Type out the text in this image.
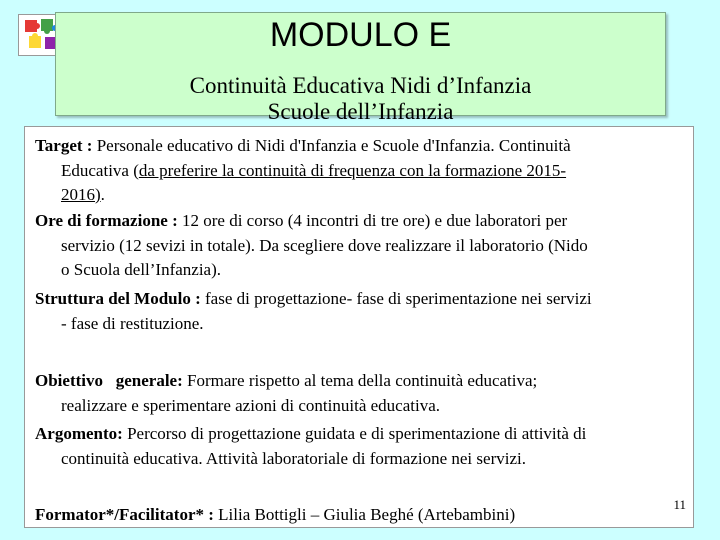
MODULO E
Continuità Educativa Nidi d’Infanzia
Scuole dell’Infanzia
Target : Personale educativo di Nidi d'Infanzia e Scuole d'Infanzia. Continuità
Educativa (da preferire la continuità di frequenza con la formazione 2015-
2016).
Ore di formazione : 12 ore di corso (4 incontri di tre ore) e due laboratori per
servizio (12 sevizi in totale). Da scegliere dove realizzare il laboratorio (Nido
o Scuola dell’Infanzia).
Struttura del Modulo : fase di progettazione- fase di sperimentazione nei servizi
- fase di restituzione.
Obiettivo   generale: Formare rispetto al tema della continuità educativa;
realizzare e sperimentare azioni di continuità educativa.
Argomento: Percorso di progettazione guidata e di sperimentazione di attività di
continuità educativa. Attività laboratoriale di formazione nei servizi.
Formator*/Facilitator* : Lilia Bottigli – Giulia Beghé (Artebambini)
11
